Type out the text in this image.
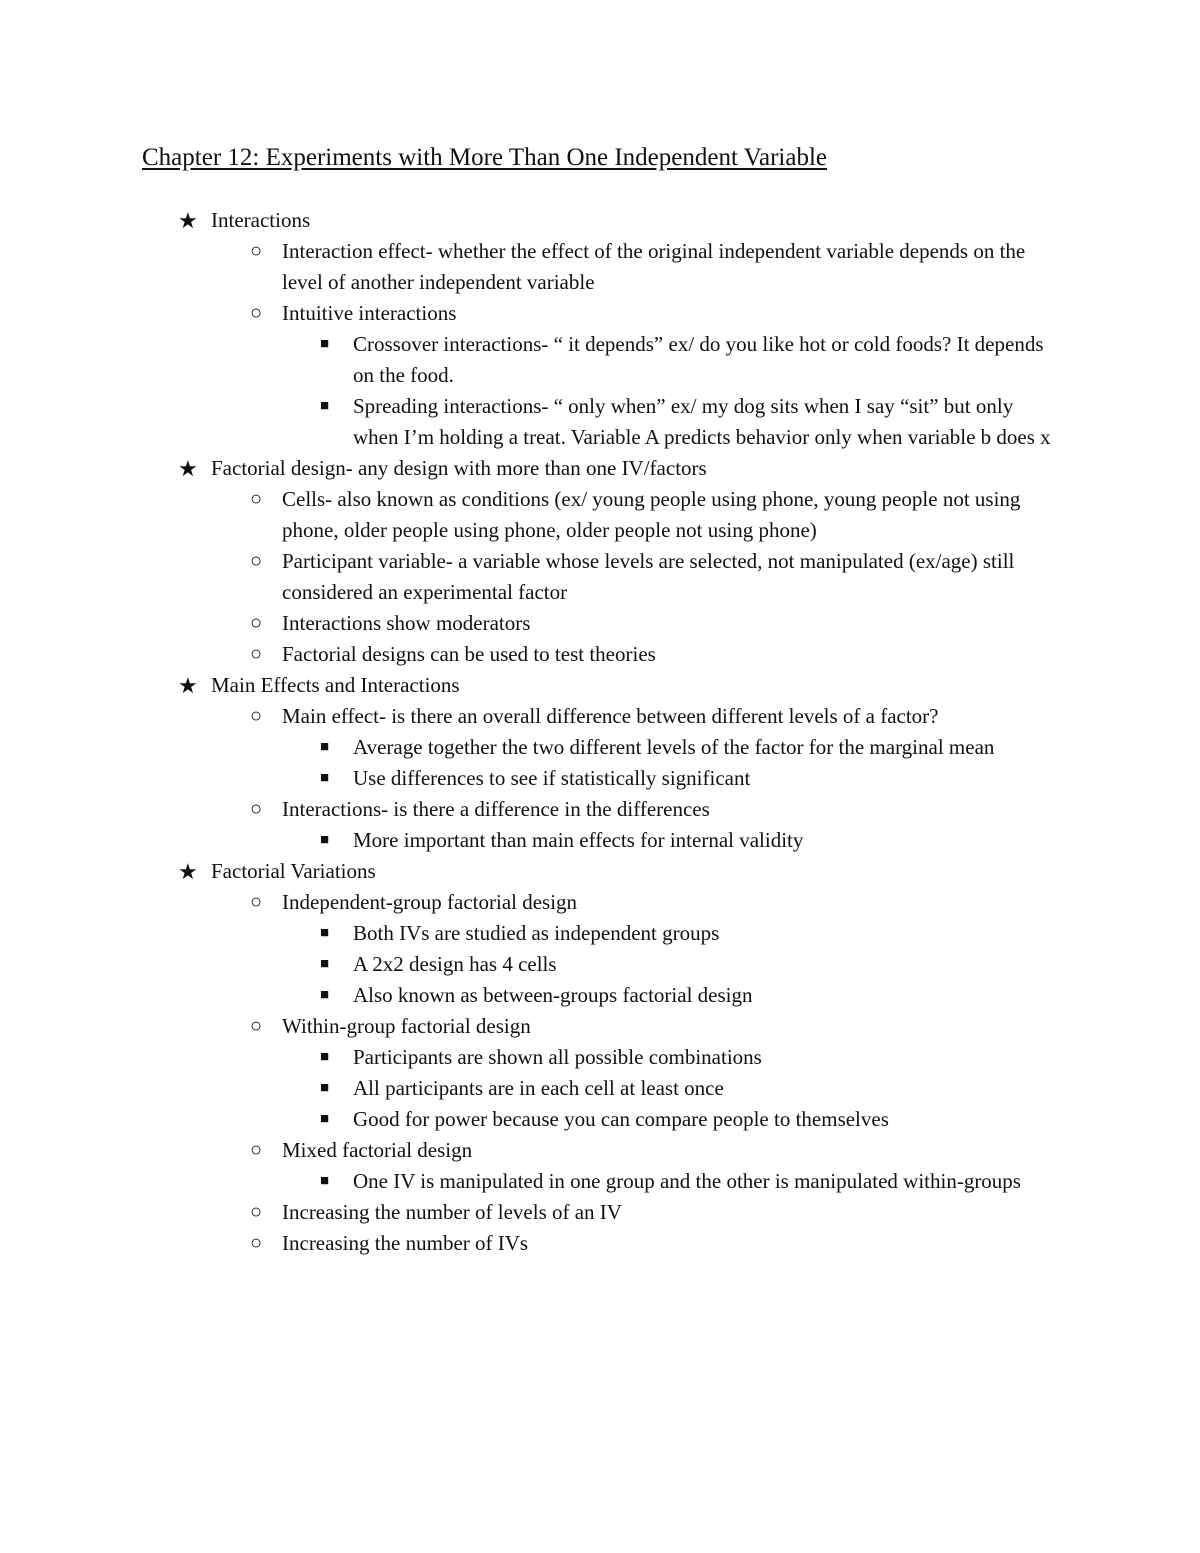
Chapter 12: Experiments with More Than One Independent Variable
★ Interactions
○ Interaction effect- whether the effect of the original independent variable depends on the level of another independent variable
○ Intuitive interactions
■ Crossover interactions- “ it depends” ex/ do you like hot or cold foods? It depends on the food.
■ Spreading interactions- “ only when” ex/ my dog sits when I say “sit” but only when I’m holding a treat. Variable A predicts behavior only when variable b does x
★ Factorial design- any design with more than one IV/factors
○ Cells- also known as conditions (ex/ young people using phone, young people not using phone, older people using phone, older people not using phone)
○ Participant variable- a variable whose levels are selected, not manipulated (ex/age) still considered an experimental factor
○ Interactions show moderators
○ Factorial designs can be used to test theories
★ Main Effects and Interactions
○ Main effect- is there an overall difference between different levels of a factor?
■ Average together the two different levels of the factor for the marginal mean
■ Use differences to see if statistically significant
○ Interactions- is there a difference in the differences
■ More important than main effects for internal validity
★ Factorial Variations
○ Independent-group factorial design
■ Both IVs are studied as independent groups
■ A 2x2 design has 4 cells
■ Also known as between-groups factorial design
○ Within-group factorial design
■ Participants are shown all possible combinations
■ All participants are in each cell at least once
■ Good for power because you can compare people to themselves
○ Mixed factorial design
■ One IV is manipulated in one group and the other is manipulated within-groups
○ Increasing the number of levels of an IV
○ Increasing the number of IVs
